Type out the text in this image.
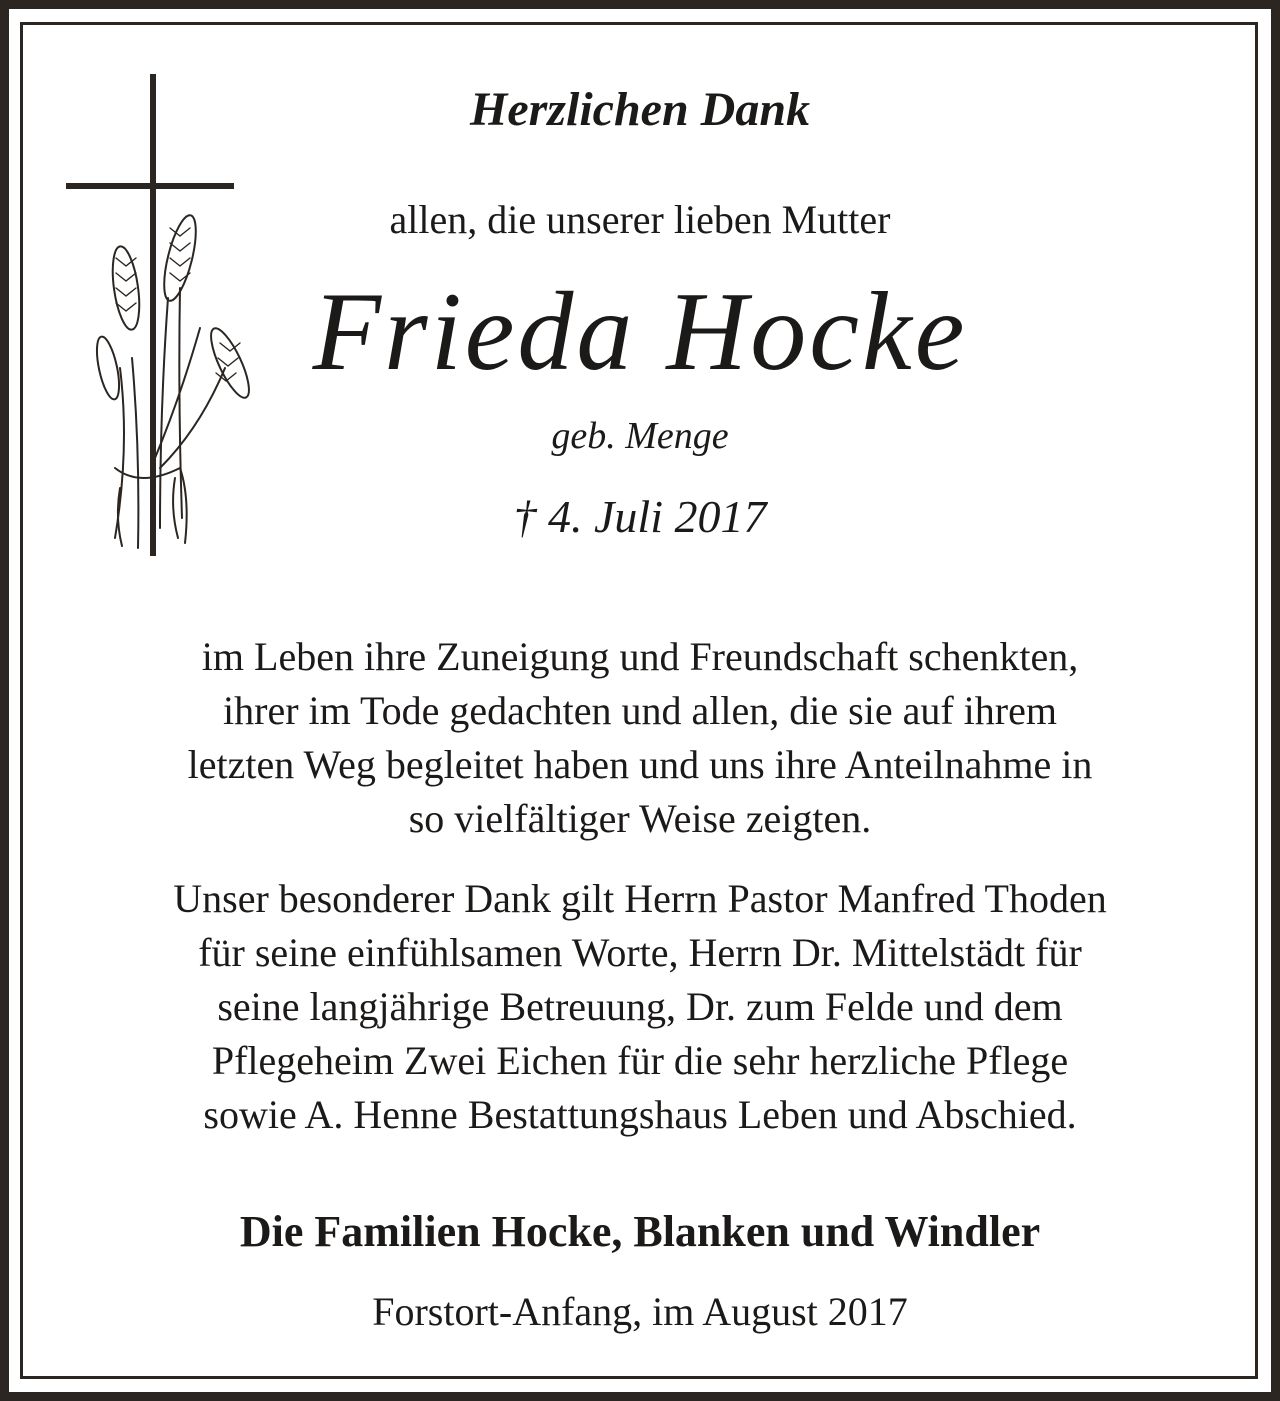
Herzlichen Dank
allen, die unserer lieben Mutter
Frieda Hocke
geb. Menge
† 4. Juli 2017
im Leben ihre Zuneigung und Freundschaft schenkten,
ihrer im Tode gedachten und allen, die sie auf ihrem
letzten Weg begleitet haben und uns ihre Anteilnahme in
so vielfältiger Weise zeigten.
Unser besonderer Dank gilt Herrn Pastor Manfred Thoden
für seine einfühlsamen Worte, Herrn Dr. Mittelstädt für
seine langjährige Betreuung, Dr. zum Felde und dem
Pflegeheim Zwei Eichen für die sehr herzliche Pflege
sowie A. Henne Bestattungshaus Leben und Abschied.
Die Familien Hocke, Blanken und Windler
Forstort-Anfang, im August 2017
